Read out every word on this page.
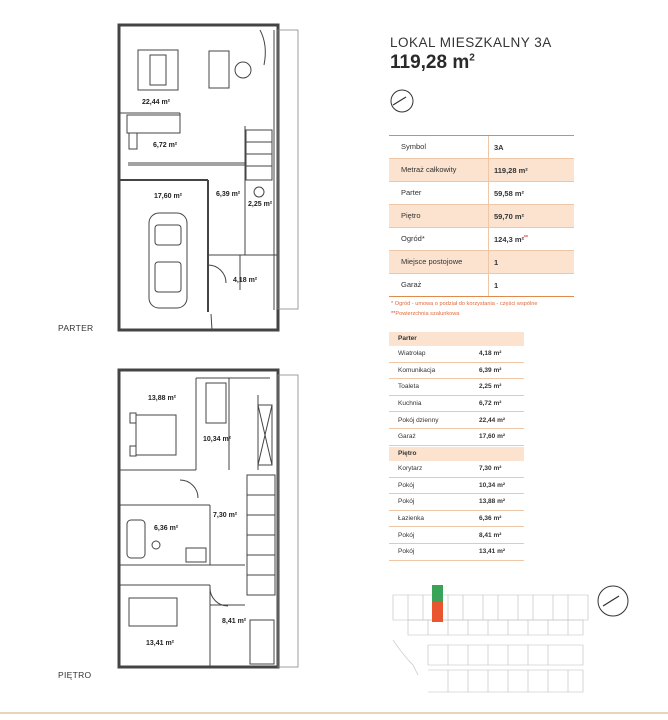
22,44 m²
6,72 m²
17,60 m²	6,39 m²
2,25 m²
4,18 m²
13,88 m²
10,34 m²
7,30 m²
6,36 m²
8,41 m²
13,41 m²
PARTER
PIĘTRO
LOKAL MIESZKALNY 3A
119,28 $m^2$
Symbol	3A
Metraż całkowity	119,28 m²
Parter	59,58 m²
Piętro	59,70 m²
Ogród*	124,3 m²**
Miejsce postojowe	1
Garaż	1
* Ogród - umowa o podział do korzystania - części wspólne
**Powierzchnia szalunkowa
Parter
Wiatrołap	4,18 m²
Komunikacja	6,39 m²
Toaleta	2,25 m²
Kuchnia	6,72 m²
Pokój dzienny	22,44 m²
Garaż	17,60 m²
Piętro
Korytarz	7,30 m²
Pokój	10,34 m²
Pokój	13,88 m²
Łazienka	6,36 m²
Pokój	8,41 m²
Pokój	13,41 m²
